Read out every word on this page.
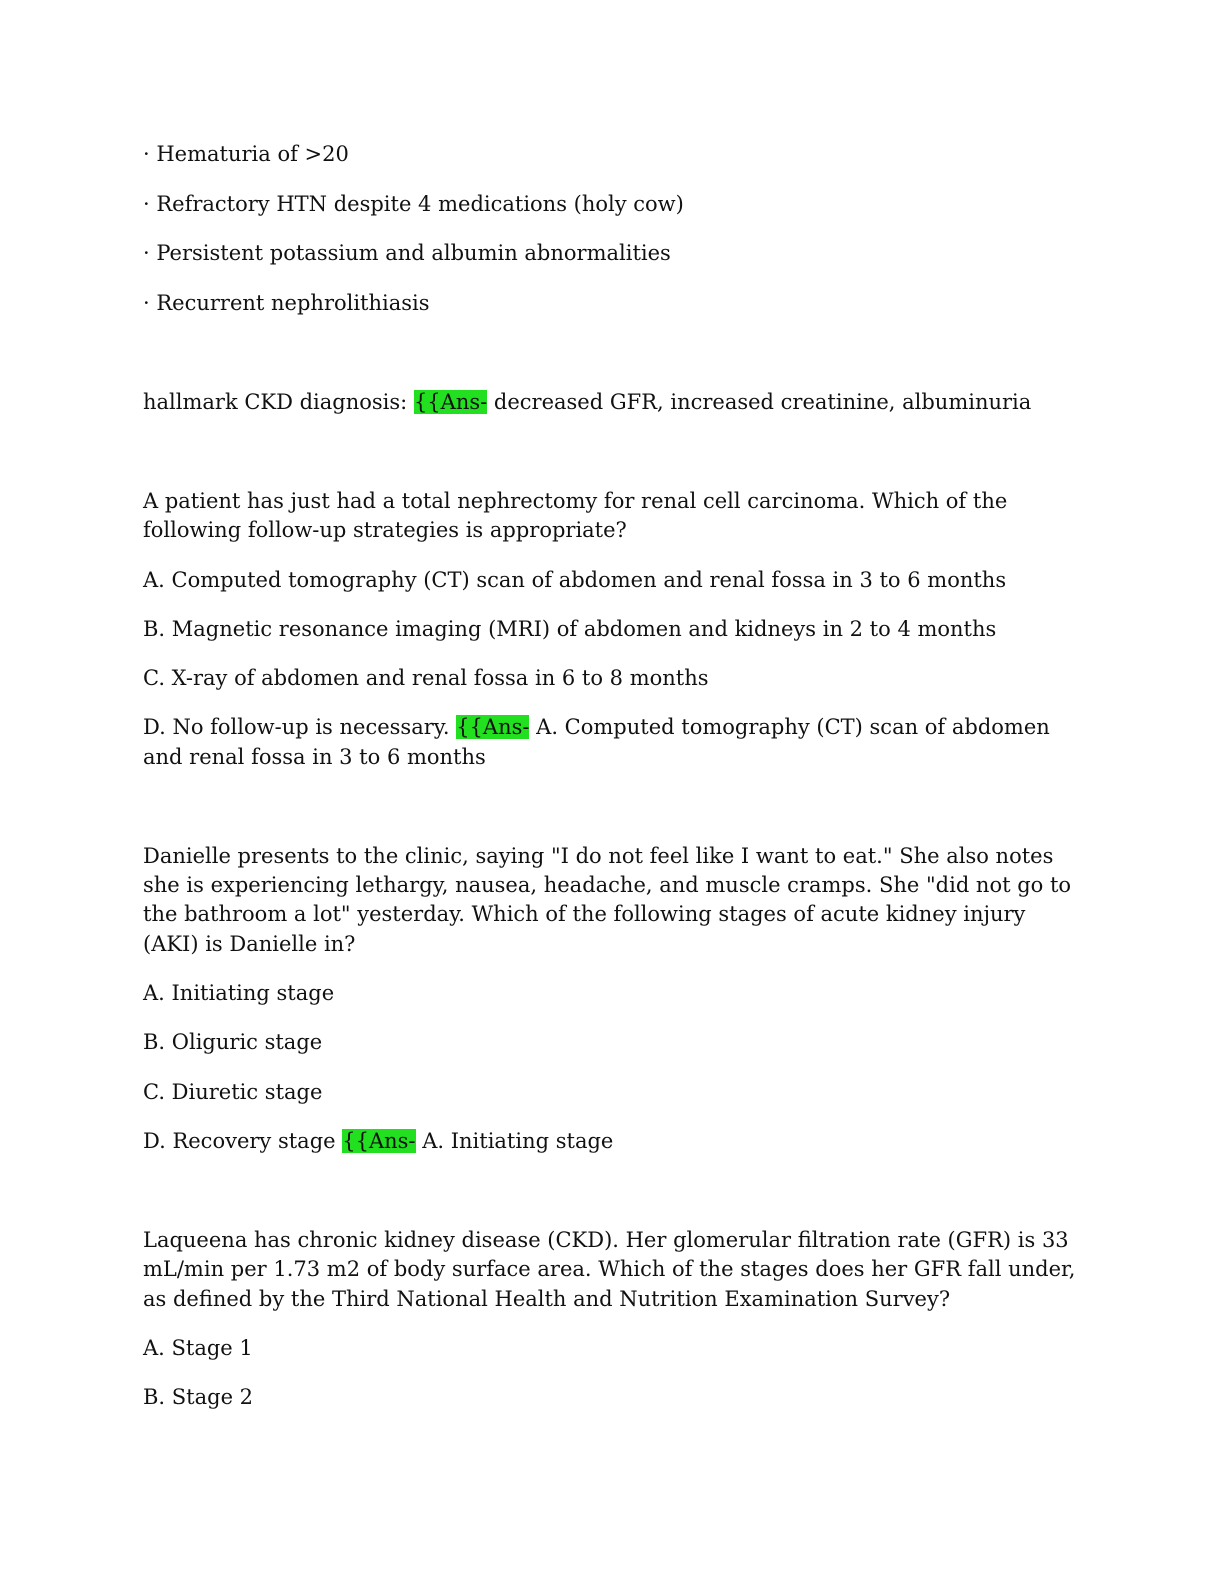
· Hematuria of >20
· Refractory HTN despite 4 medications (holy cow)
· Persistent potassium and albumin abnormalities
· Recurrent nephrolithiasis
hallmark CKD diagnosis: {{Ans- decreased GFR, increased creatinine, albuminuria
A patient has just had a total nephrectomy for renal cell carcinoma. Which of the
following follow-up strategies is appropriate?
A. Computed tomography (CT) scan of abdomen and renal fossa in 3 to 6 months
B. Magnetic resonance imaging (MRI) of abdomen and kidneys in 2 to 4 months
C. X-ray of abdomen and renal fossa in 6 to 8 months
D. No follow-up is necessary. {{Ans- A. Computed tomography (CT) scan of abdomen
and renal fossa in 3 to 6 months
Danielle presents to the clinic, saying "I do not feel like I want to eat." She also notes
she is experiencing lethargy, nausea, headache, and muscle cramps. She "did not go to
the bathroom a lot" yesterday. Which of the following stages of acute kidney injury
(AKI) is Danielle in?
A. Initiating stage
B. Oliguric stage
C. Diuretic stage
D. Recovery stage {{Ans- A. Initiating stage
Laqueena has chronic kidney disease (CKD). Her glomerular filtration rate (GFR) is 33
mL/min per 1.73 m2 of body surface area. Which of the stages does her GFR fall under,
as defined by the Third National Health and Nutrition Examination Survey?
A. Stage 1
B. Stage 2
